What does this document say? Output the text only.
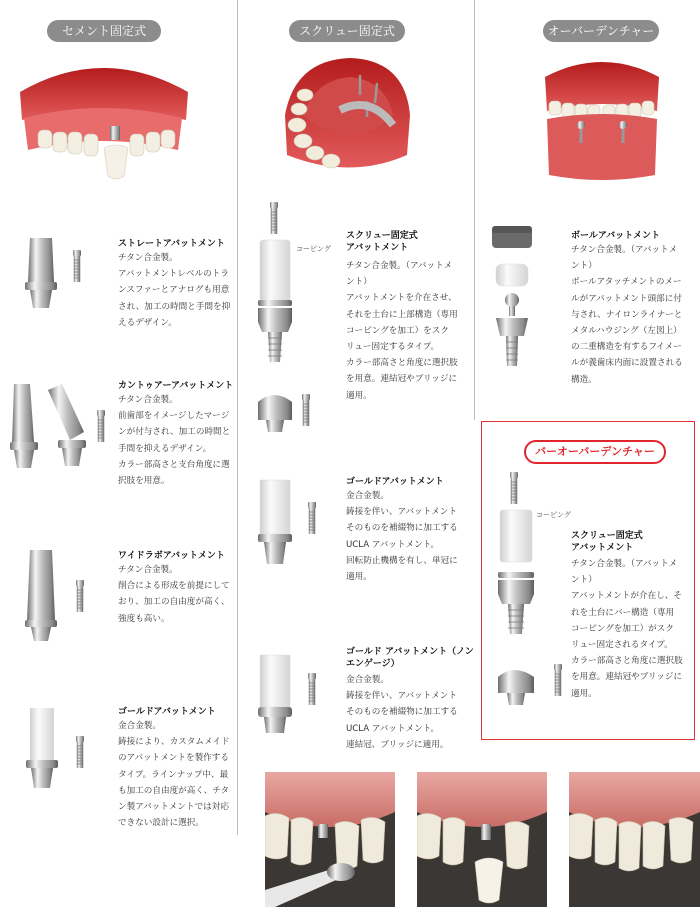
セメント固定式	スクリュー固定式	オーバーデンチャー
ストレートアバットメント
チタン合金製。
アバットメントレベルのトラ
ンスファーとアナログも用意
され、加工の時間と手間を抑
えるデザイン。
カントゥアーアバットメント
チタン合金製。
前歯部をイメージしたマージ
ンが付与され、加工の時間と
手間を抑えるデザイン。
カラー部高さと支台角度に選
択肢を用意。
ワイドラボアバットメント
チタン合金製。
削合による形成を前提にして
おり、加工の自由度が高く、
強度も高い。
ゴールドアバットメント
金合金製。
鋳接により、カスタムメイド
のアバットメントを製作する
タイプ。ラインナップ中、最
も加工の自由度が高く、チタ
ン製アバットメントでは対応
できない設計に選択。
コーピング
スクリュー固定式
アバットメント
チタン合金製。（アバットメ
ント）
アバットメントを介在させ、
それを土台に上部構造（専用
コーピングを加工）をスク
リュー固定するタイプ。
カラー部高さと角度に選択肢
を用意。連結冠やブリッジに
適用。
ゴールドアバットメント
金合金製。
鋳接を伴い、アバットメント
そのものを補綴物に加工する
UCLA アバットメント。
回転防止機構を有し、単冠に
適用。
ゴールド アバットメント（ノン
エンゲージ）
金合金製。
鋳接を伴い、アバットメント
そのものを補綴物に加工する
UCLA アバットメント。
連結冠、ブリッジに適用。
ボールアバットメント
チタン合金製。（アバットメ
ント）
ボールアタッチメントのメー
ルがアバットメント頭部に付
与され、ナイロンライナーと
メタルハウジング（左図上）
の二重構造を有するフイメー
ルが義歯床内面に設置される
構造。
バーオーバーデンチャー
コーピング
スクリュー固定式
アバットメント
チタン合金製。（アバットメ
ント）
アバットメントが介在し、そ
れを土台にバー構造（専用
コーピングを加工）がスク
リュー固定されるタイプ。
カラー部高さと角度に選択肢
を用意。連結冠やブリッジに
適用。
